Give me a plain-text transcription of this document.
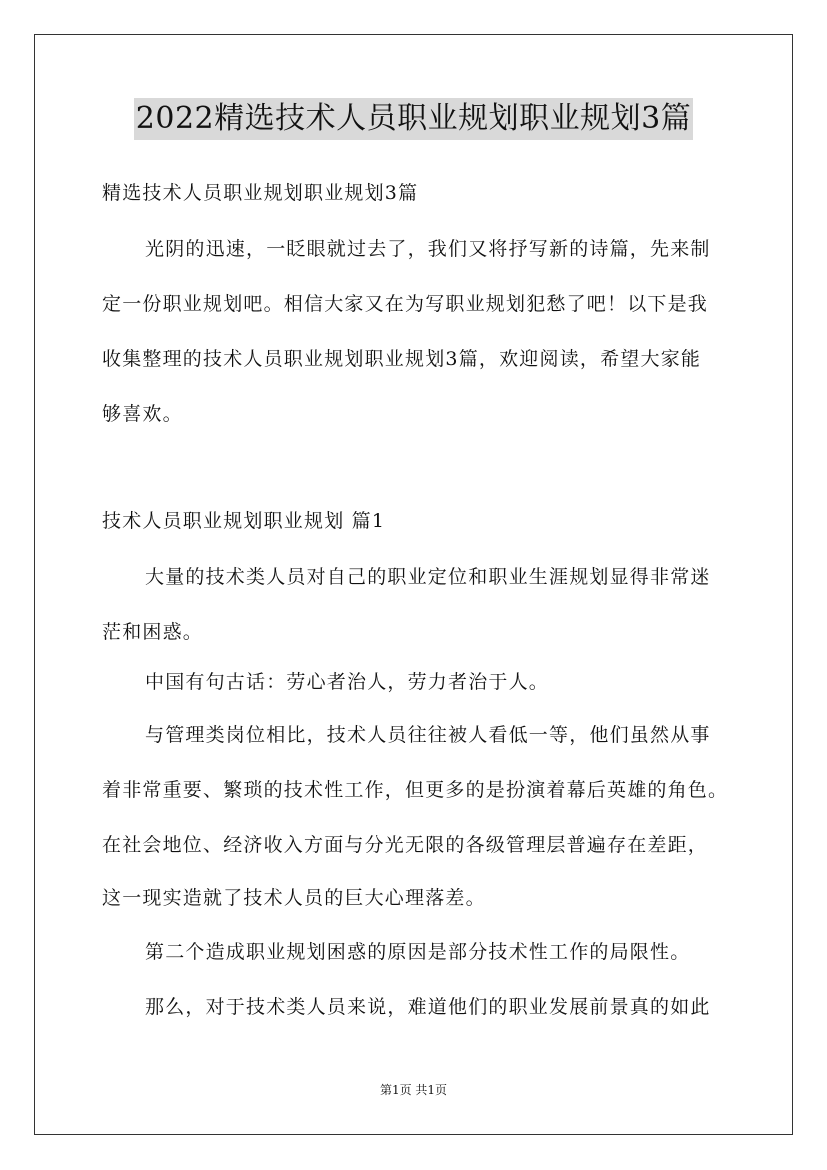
2022精选技术人员职业规划职业规划3篇
精选技术人员职业规划职业规划3篇
光阴的迅速，一眨眼就过去了，我们又将抒写新的诗篇，先来制
定一份职业规划吧。相信大家又在为写职业规划犯愁了吧！以下是我
收集整理的技术人员职业规划职业规划3篇，欢迎阅读，希望大家能
够喜欢。
技术人员职业规划职业规划 篇1
大量的技术类人员对自己的职业定位和职业生涯规划显得非常迷
茫和困惑。
中国有句古话：劳心者治人，劳力者治于人。
与管理类岗位相比，技术人员往往被人看低一等，他们虽然从事
着非常重要、繁琐的技术性工作，但更多的是扮演着幕后英雄的角色。
在社会地位、经济收入方面与分光无限的各级管理层普遍存在差距，
这一现实造就了技术人员的巨大心理落差。
第二个造成职业规划困惑的原因是部分技术性工作的局限性。
那么，对于技术类人员来说，难道他们的职业发展前景真的如此
第1页 共1页
